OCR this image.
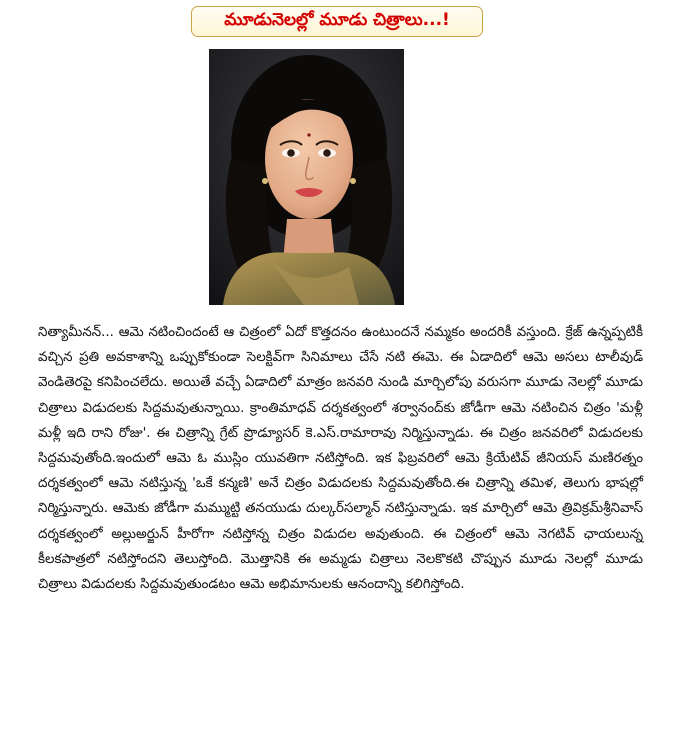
మూడునెలల్లో మూడు చిత్రాలు...!

నిత్యామీనన్... ఆమె నటించిందంటే ఆ చిత్రంలో ఏదో కొత్తదనం ఉంటుందనే నమ్మకం అందరికీ వస్తుంది. క్రేజ్ ఉన్నప్పటికీ వచ్చిన ప్రతి అవకాశాన్ని ఒప్పుకోకుండా సెలక్టివ్‌గా సినిమాలు చేసే నటి ఈమె. ఈ ఏడాదిలో ఆమె అసలు టాలీవుడ్ వెండితెరపై కనిపించలేదు. అయితే వచ్చే ఏడాదిలో మాత్రం జనవరి నుండి మార్చిలోపు వరుసగా మూడు నెలల్లో మూడు చిత్రాలు విడుదలకు సిద్దమవుతున్నాయి. క్రాంతిమాధవ్ దర్శకత్వంలో శర్వానంద్‌కు జోడీగా ఆమె నటించిన చిత్రం 'మళ్లీ మళ్లీ ఇది రాని రోజు'. ఈ చిత్రాన్ని గ్రేట్ ప్రొడ్యూసర్ కె.ఎస్.రామారావు నిర్మిస్తున్నాడు. ఈ చిత్రం జనవరిలో విడుదలకు సిద్దమవుతోంది.ఇందులో ఆమె ఓ ముస్లిం యువతిగా నటిస్తోంది. ఇక ఫిబ్రవరిలో ఆమె క్రియేటివ్ జీనియస్ మణిరత్నం దర్శకత్వంలో ఆమె నటిస్తున్న 'ఒకే కన్మణి' అనే చిత్రం విడుదలకు సిద్దమవుతోంది.ఈ చిత్రాన్ని తమిళ, తెలుగు భాషల్లో నిర్మిస్తున్నారు. ఆమెకు జోడీగా మమ్ముట్టి తనయుడు దుల్కర్‌సల్మాన్ నటిస్తున్నాడు. ఇక మార్చిలో ఆమె త్రివిక్రమ్‌శ్రీనివాస్ దర్శకత్వంలో అల్లుఅర్జున్ హీరోగా నటిస్తోన్న చిత్రం విడుదల అవుతుంది. ఈ చిత్రంలో ఆమె నెగటివ్ ఛాయలున్న కీలకపాత్రలో నటిస్తోందని తెలుస్తోంది. మొత్తానికి ఈ అమ్మడు చిత్రాలు నెలకొకటి చొప్పున మూడు నెలల్లో మూడు చిత్రాలు విడుదలకు సిద్దమవుతుండటం ఆమె అభిమానులకు ఆనందాన్ని కలిగిస్తోంది.
